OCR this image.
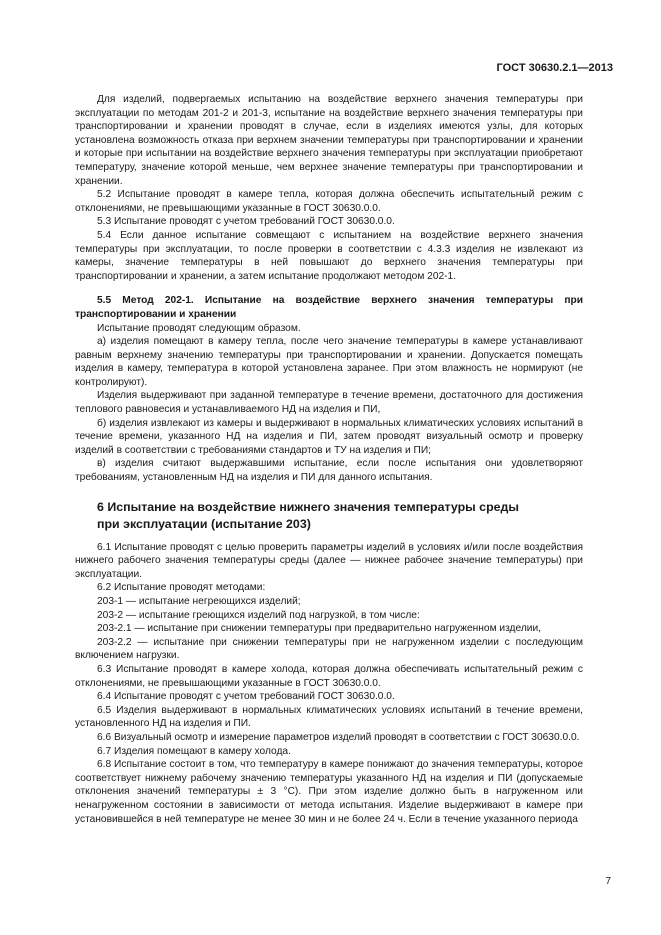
ГОСТ 30630.2.1—2013

Для изделий, подвергаемых испытанию на воздействие верхнего значения температуры при эксплуатации по методам 201-2 и 201-3, испытание на воздействие верхнего значения температуры при транспортировании и хранении проводят в случае, если в изделиях имеются узлы, для которых установлена возможность отказа при верхнем значении температуры при транспортировании и хранении и которые при испытании на воздействие верхнего значения температуры при эксплуатации приобретают температуру, значение которой меньше, чем верхнее значение температуры при транспортировании и хранении.

5.2 Испытание проводят в камере тепла, которая должна обеспечить испытательный режим с отклонениями, не превышающими указанные в ГОСТ 30630.0.0.

5.3 Испытание проводят с учетом требований ГОСТ 30630.0.0.

5.4 Если данное испытание совмещают с испытанием на воздействие верхнего значения температуры при эксплуатации, то после проверки в соответствии с 4.3.3 изделия не извлекают из камеры, значение температуры в ней повышают до верхнего значения температуры при транспортировании и хранении, а затем испытание продолжают методом 202-1.

5.5 Метод 202-1. Испытание на воздействие верхнего значения температуры при транспортировании и хранении

Испытание проводят следующим образом.

а) изделия помещают в камеру тепла, после чего значение температуры в камере устанавливают равным верхнему значению температуры при транспортировании и хранении. Допускается помещать изделия в камеру, температура в которой установлена заранее. При этом влажность не нормируют (не контролируют).

Изделия выдерживают при заданной температуре в течение времени, достаточного для достижения теплового равновесия и устанавливаемого НД на изделия и ПИ,

б) изделия извлекают из камеры и выдерживают в нормальных климатических условиях испытаний в течение времени, указанного НД на изделия и ПИ, затем проводят визуальный осмотр и проверку изделий в соответствии с требованиями стандартов и ТУ на изделия и ПИ;

в) изделия считают выдержавшими испытание, если после испытания они удовлетворяют требованиям, установленным НД на изделия и ПИ для данного испытания.

6 Испытание на воздействие нижнего значения температуры среды
при эксплуатации (испытание 203)

6.1 Испытание проводят с целью проверить параметры изделий в условиях и/или после воздействия нижнего рабочего значения температуры среды (далее — нижнее рабочее значение температуры) при эксплуатации.

6.2 Испытание проводят методами:

203-1 — испытание негреющихся изделий;

203-2 — испытание греющихся изделий под нагрузкой, в том числе:

203-2.1 — испытание при снижении температуры при предварительно нагруженном изделии,

203-2.2 — испытание при снижении температуры при не нагруженном изделии с последующим включением нагрузки.

6.3 Испытание проводят в камере холода, которая должна обеспечивать испытательный режим с отклонениями, не превышающими указанные в ГОСТ 30630.0.0.

6.4 Испытание проводят с учетом требований ГОСТ 30630.0.0.

6.5 Изделия выдерживают в нормальных климатических условиях испытаний в течение времени, установленного НД на изделия и ПИ.

6.6 Визуальный осмотр и измерение параметров изделий проводят в соответствии с ГОСТ 30630.0.0.

6.7 Изделия помещают в камеру холода.

6.8 Испытание состоит в том, что температуру в камере понижают до значения температуры, которое соответствует нижнему рабочему значению температуры указанного НД на изделия и ПИ (допускаемые отклонения значений температуры ± 3 °С). При этом изделие должно быть в нагруженном или ненагруженном состоянии в зависимости от метода испытания. Изделие выдерживают в камере при установившейся в ней температуре не менее 30 мин и не более 24 ч. Если в течение указанного периода

7
